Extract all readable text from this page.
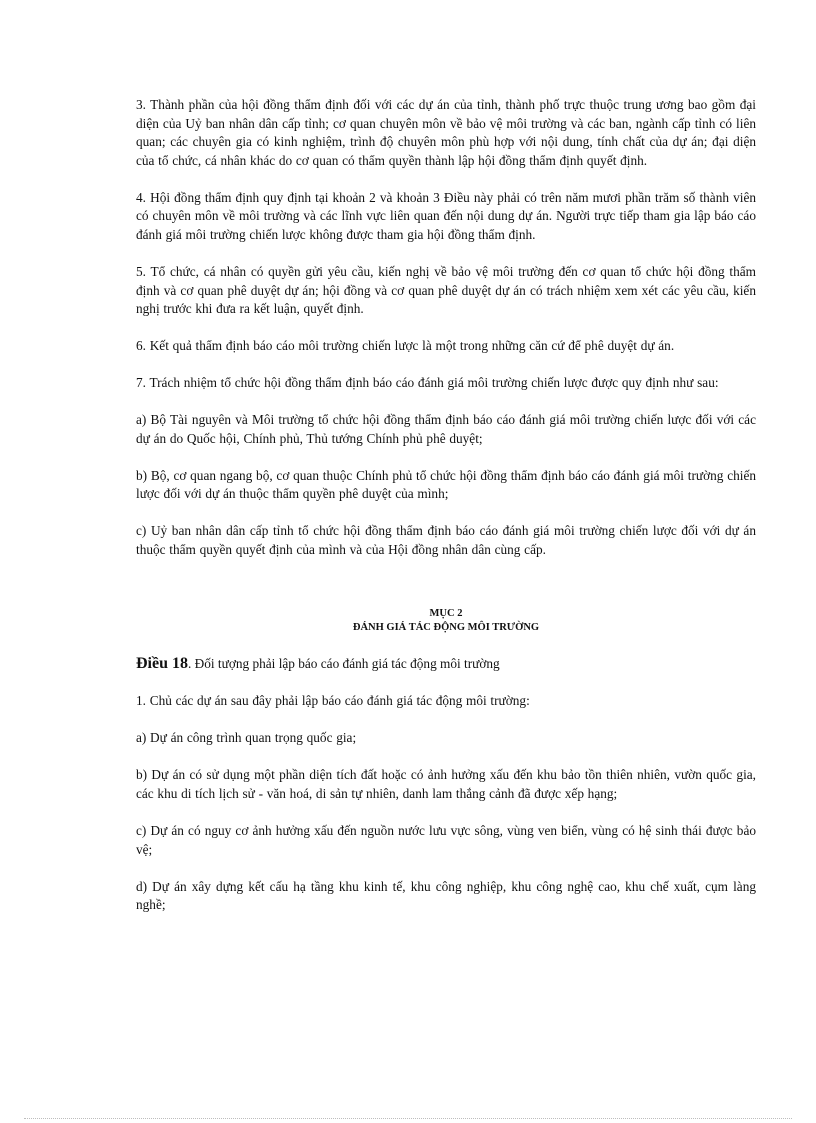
3. Thành phần của hội đồng thẩm định đối với các dự án của tỉnh, thành phố trực thuộc trung ương bao gồm đại diện của Uỷ ban nhân dân cấp tỉnh; cơ quan chuyên môn về bảo vệ môi trường và các ban, ngành cấp tỉnh có liên quan; các chuyên gia có kinh nghiệm, trình độ chuyên môn phù hợp với nội dung, tính chất của dự án; đại diện của tổ chức, cá nhân khác do cơ quan có thẩm quyền thành lập hội đồng thẩm định quyết định.

4. Hội đồng thẩm định quy định tại khoản 2 và khoản 3 Điều này phải có trên năm mươi phần trăm số thành viên có chuyên môn về môi trường và các lĩnh vực liên quan đến nội dung dự án. Người trực tiếp tham gia lập báo cáo đánh giá môi trường chiến lược không được tham gia hội đồng thẩm định.

5. Tổ chức, cá nhân có quyền gửi yêu cầu, kiến nghị về bảo vệ môi trường đến cơ quan tổ chức hội đồng thẩm định và cơ quan phê duyệt dự án; hội đồng và cơ quan phê duyệt dự án có trách nhiệm xem xét các yêu cầu, kiến nghị trước khi đưa ra kết luận, quyết định.

6. Kết quả thẩm định báo cáo môi trường chiến lược là một trong những căn cứ để phê duyệt dự án.

7. Trách nhiệm tổ chức hội đồng thẩm định báo cáo đánh giá môi trường chiến lược được quy định như sau:

a) Bộ Tài nguyên và Môi trường tổ chức hội đồng thẩm định báo cáo đánh giá môi trường chiến lược đối với các dự án do Quốc hội, Chính phủ, Thủ tướng Chính phủ phê duyệt;

b) Bộ, cơ quan ngang bộ, cơ quan thuộc Chính phủ tổ chức hội đồng thẩm định báo cáo đánh giá môi trường chiến lược đối với dự án thuộc thẩm quyền phê duyệt của mình;

c) Uỷ ban nhân dân cấp tỉnh tổ chức hội đồng thẩm định báo cáo đánh giá môi trường chiến lược đối với dự án thuộc thẩm quyền quyết định của mình và của Hội đồng nhân dân cùng cấp.

MỤC 2
ĐÁNH GIÁ TÁC ĐỘNG MÔI TRƯỜNG

Điều 18. Đối tượng phải lập báo cáo đánh giá tác động môi trường

1. Chủ các dự án sau đây phải lập báo cáo đánh giá tác động môi trường:

a) Dự án công trình quan trọng quốc gia;

b) Dự án có sử dụng một phần diện tích đất hoặc có ảnh hưởng xấu đến khu bảo tồn thiên nhiên, vườn quốc gia, các khu di tích lịch sử - văn hoá, di sản tự nhiên, danh lam thắng cảnh đã được xếp hạng;

c) Dự án có nguy cơ ảnh hưởng xấu đến nguồn nước lưu vực sông, vùng ven biển, vùng có hệ sinh thái được bảo vệ;

d) Dự án xây dựng kết cấu hạ tầng khu kinh tế, khu công nghiệp, khu công nghệ cao, khu chế xuất, cụm làng nghề;
